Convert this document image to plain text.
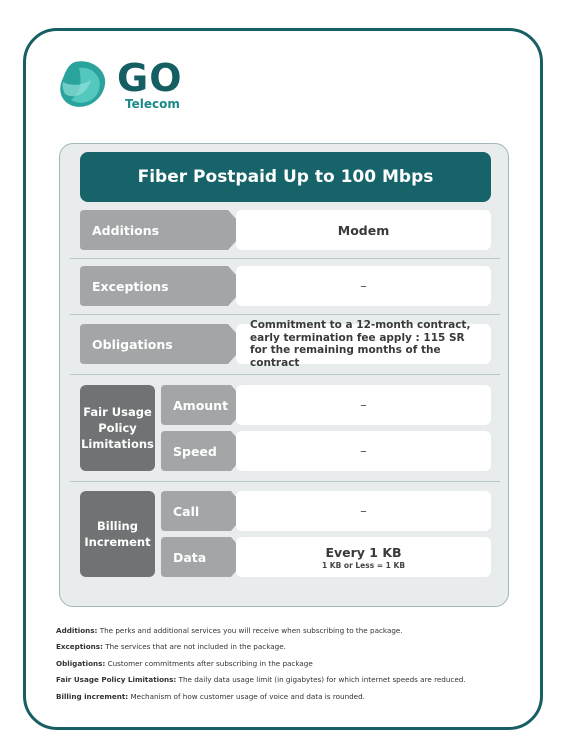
GO
Telecom
Fiber Postpaid Up to 100 Mbps
Additions	Modem
Exceptions	–
Obligations
Commitment to a 12-month contract,
early termination fee apply : 115 SR
for the remaining months of the contract
Fair Usage Policy Limitations
Amount	–
Speed	–
Billing Increment
Call	–
Data	Every 1 KB
1 KB or Less = 1 KB
Additions: The perks and additional services you will receive when subscribing to the package.
Exceptions: The services that are not included in the package.
Obligations: Customer commitments after subscribing in the package
Fair Usage Policy Limitations: The daily data usage limit (in gigabytes) for which internet speeds are reduced.
Billing increment: Mechanism of how customer usage of voice and data is rounded.
